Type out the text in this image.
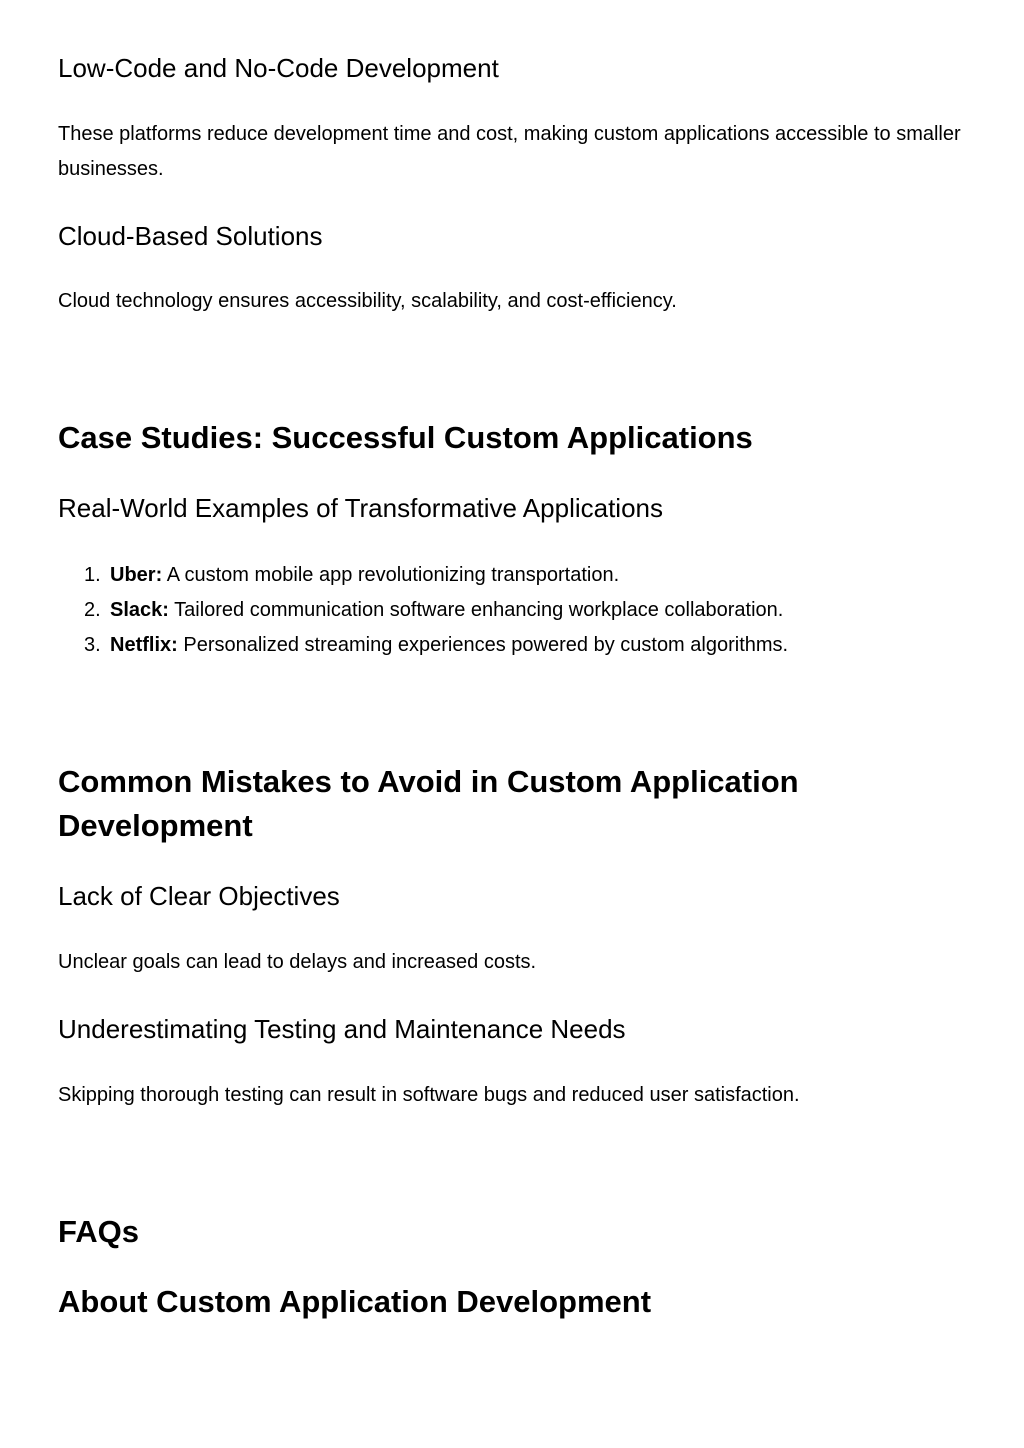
Low-Code and No-Code Development

These platforms reduce development time and cost, making custom applications accessible to smaller businesses.

Cloud-Based Solutions

Cloud technology ensures accessibility, scalability, and cost-efficiency.

Case Studies: Successful Custom Applications
Real-World Examples of Transformative Applications
1. Uber: A custom mobile app revolutionizing transportation.
2. Slack: Tailored communication software enhancing workplace collaboration.
3. Netflix: Personalized streaming experiences powered by custom algorithms.
Common Mistakes to Avoid in Custom Application Development
Lack of Clear Objectives

Unclear goals can lead to delays and increased costs.

Underestimating Testing and Maintenance Needs

Skipping thorough testing can result in software bugs and reduced user satisfaction.

FAQs
About Custom Application Development
